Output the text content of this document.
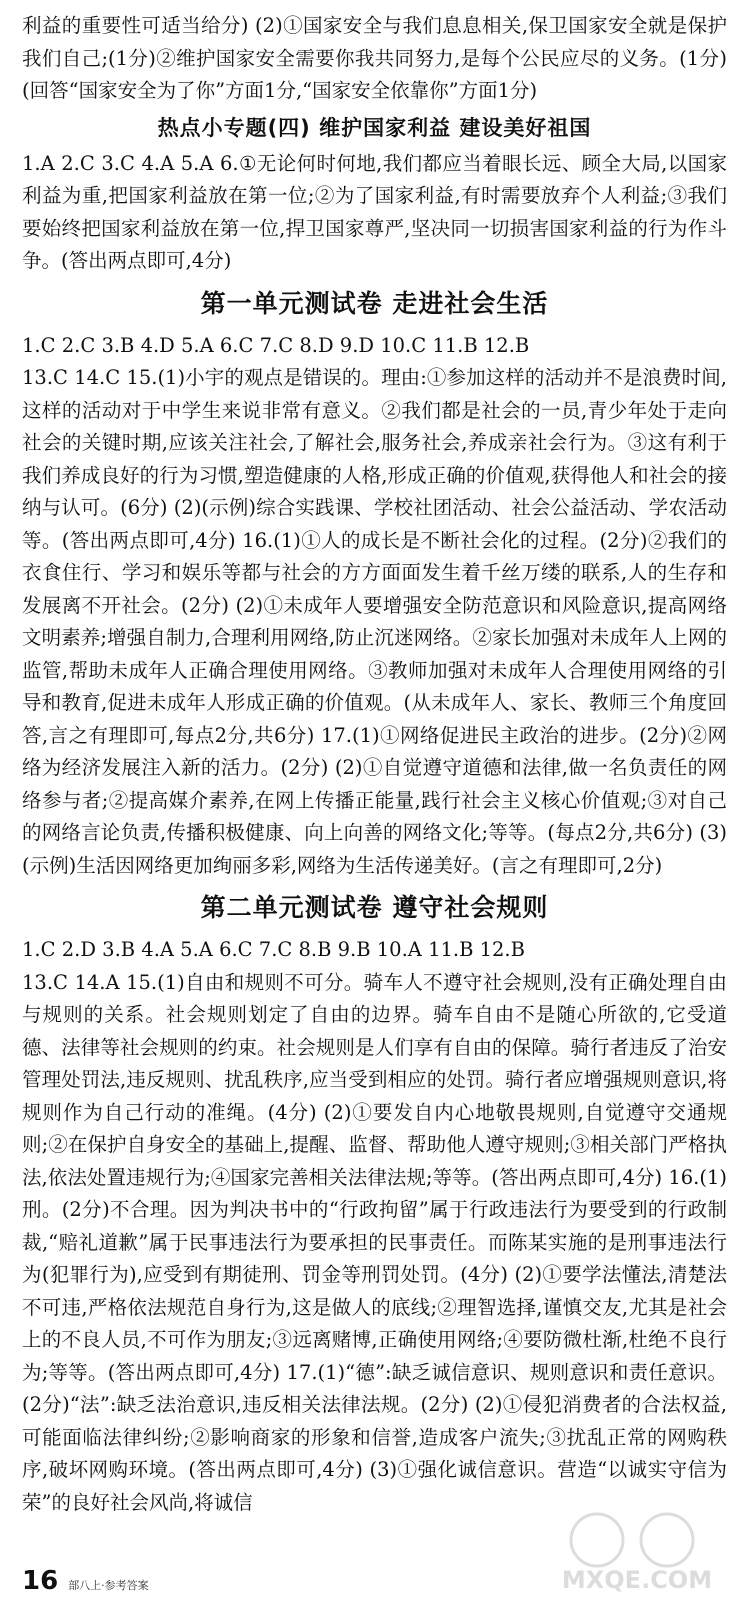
利益的重要性可适当给分) (2)①国家安全与我们息息相关,保卫国家安全就是保护我们自己;(1分)②维护国家安全需要你我共同努力,是每个公民应尽的义务。(1分)(回答“国家安全为了你”方面1分,“国家安全依靠你”方面1分)

热点小专题(四) 维护国家利益 建设美好祖国

1.A 2.C 3.C 4.A 5.A 6.①无论何时何地,我们都应当着眼长远、顾全大局,以国家利益为重,把国家利益放在第一位;②为了国家利益,有时需要放弃个人利益;③我们要始终把国家利益放在第一位,捍卫国家尊严,坚决同一切损害国家利益的行为作斗争。(答出两点即可,4分)

第一单元测试卷 走进社会生活

1.C 2.C 3.B 4.D 5.A 6.C 7.C 8.D 9.D 10.C 11.B 12.B

13.C 14.C 15.(1)小宇的观点是错误的。理由:①参加这样的活动并不是浪费时间,这样的活动对于中学生来说非常有意义。②我们都是社会的一员,青少年处于走向社会的关键时期,应该关注社会,了解社会,服务社会,养成亲社会行为。③这有利于我们养成良好的行为习惯,塑造健康的人格,形成正确的价值观,获得他人和社会的接纳与认可。(6分) (2)(示例)综合实践课、学校社团活动、社会公益活动、学农活动等。(答出两点即可,4分) 16.(1)①人的成长是不断社会化的过程。(2分)②我们的衣食住行、学习和娱乐等都与社会的方方面面发生着千丝万缕的联系,人的生存和发展离不开社会。(2分) (2)①未成年人要增强安全防范意识和风险意识,提高网络文明素养;增强自制力,合理利用网络,防止沉迷网络。②家长加强对未成年人上网的监管,帮助未成年人正确合理使用网络。③教师加强对未成年人合理使用网络的引导和教育,促进未成年人形成正确的价值观。(从未成年人、家长、教师三个角度回答,言之有理即可,每点2分,共6分) 17.(1)①网络促进民主政治的进步。(2分)②网络为经济发展注入新的活力。(2分) (2)①自觉遵守道德和法律,做一名负责任的网络参与者;②提高媒介素养,在网上传播正能量,践行社会主义核心价值观;③对自己的网络言论负责,传播积极健康、向上向善的网络文化;等等。(每点2分,共6分) (3)(示例)生活因网络更加绚丽多彩,网络为生活传递美好。(言之有理即可,2分)

第二单元测试卷 遵守社会规则

1.C 2.D 3.B 4.A 5.A 6.C 7.C 8.B 9.B 10.A 11.B 12.B

13.C 14.A 15.(1)自由和规则不可分。骑车人不遵守社会规则,没有正确处理自由与规则的关系。社会规则划定了自由的边界。骑车自由不是随心所欲的,它受道德、法律等社会规则的约束。社会规则是人们享有自由的保障。骑行者违反了治安管理处罚法,违反规则、扰乱秩序,应当受到相应的处罚。骑行者应增强规则意识,将规则作为自己行动的准绳。(4分) (2)①要发自内心地敬畏规则,自觉遵守交通规则;②在保护自身安全的基础上,提醒、监督、帮助他人遵守规则;③相关部门严格执法,依法处置违规行为;④国家完善相关法律法规;等等。(答出两点即可,4分) 16.(1)刑。(2分)不合理。因为判决书中的“行政拘留”属于行政违法行为要受到的行政制裁,“赔礼道歉”属于民事违法行为要承担的民事责任。而陈某实施的是刑事违法行为(犯罪行为),应受到有期徒刑、罚金等刑罚处罚。(4分) (2)①要学法懂法,清楚法不可违,严格依法规范自身行为,这是做人的底线;②理智选择,谨慎交友,尤其是社会上的不良人员,不可作为朋友;③远离赌博,正确使用网络;④要防微杜渐,杜绝不良行为;等等。(答出两点即可,4分) 17.(1)“德”:缺乏诚信意识、规则意识和责任意识。(2分)“法”:缺乏法治意识,违反相关法律法规。(2分) (2)①侵犯消费者的合法权益,可能面临法律纠纷;②影响商家的形象和信誉,造成客户流失;③扰乱正常的网购秩序,破坏网购环境。(答出两点即可,4分) (3)①强化诚信意识。营造“以诚实守信为荣”的良好社会风尚,将诚信

16 部八上·参考答案	MXQE.COM
